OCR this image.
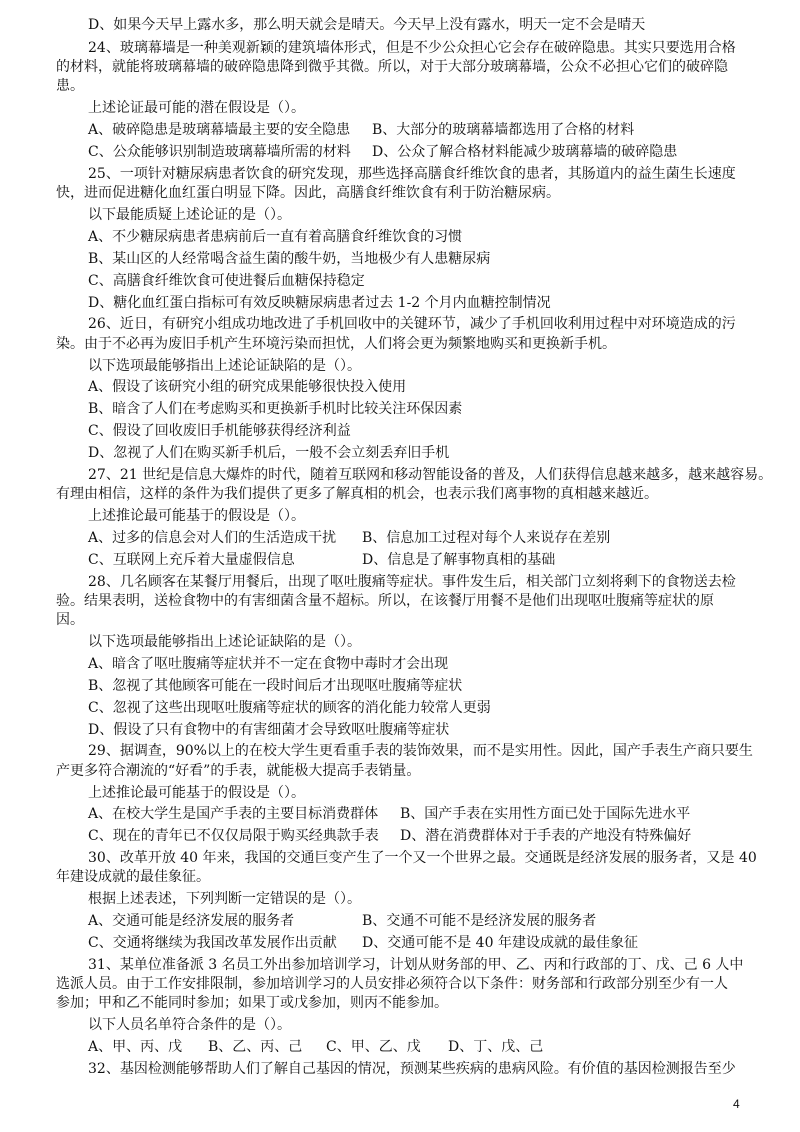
D、如果今天早上露水多，那么明天就会是晴天。今天早上没有露水，明天一定不会是晴天
24、玻璃幕墙是一种美观新颖的建筑墙体形式，但是不少公众担心它会存在破碎隐患。其实只要选用合格
的材料，就能将玻璃幕墙的破碎隐患降到微乎其微。所以，对于大部分玻璃幕墙，公众不必担心它们的破碎隐
患。
上述论证最可能的潜在假设是（）。
A、破碎隐患是玻璃幕墙最主要的安全隐患 B、大部分的玻璃幕墙都选用了合格的材料
C、公众能够识别制造玻璃幕墙所需的材料 D、公众了解合格材料能减少玻璃幕墙的破碎隐患
25、一项针对糖尿病患者饮食的研究发现，那些选择高膳食纤维饮食的患者，其肠道内的益生菌生长速度
快，进而促进糖化血红蛋白明显下降。因此，高膳食纤维饮食有利于防治糖尿病。
以下最能质疑上述论证的是（）。
A、不少糖尿病患者患病前后一直有着高膳食纤维饮食的习惯
B、某山区的人经常喝含益生菌的酸牛奶，当地极少有人患糖尿病
C、高膳食纤维饮食可使进餐后血糖保持稳定
D、糖化血红蛋白指标可有效反映糖尿病患者过去 1-2 个月内血糖控制情况
26、近日，有研究小组成功地改进了手机回收中的关键环节，减少了手机回收利用过程中对环境造成的污
染。由于不必再为废旧手机产生环境污染而担忧，人们将会更为频繁地购买和更换新手机。
以下选项最能够指出上述论证缺陷的是（）。
A、假设了该研究小组的研究成果能够很快投入使用
B、暗含了人们在考虑购买和更换新手机时比较关注环保因素
C、假设了回收废旧手机能够获得经济利益
D、忽视了人们在购买新手机后，一般不会立刻丢弃旧手机
27、21 世纪是信息大爆炸的时代，随着互联网和移动智能设备的普及，人们获得信息越来越多，越来越容易。
有理由相信，这样的条件为我们提供了更多了解真相的机会，也表示我们离事物的真相越来越近。
上述推论最可能基于的假设是（）。
A、过多的信息会对人们的生活造成干扰 B、信息加工过程对每个人来说存在差别
C、互联网上充斥着大量虚假信息	D、信息是了解事物真相的基础
28、几名顾客在某餐厅用餐后，出现了呕吐腹痛等症状。事件发生后，相关部门立刻将剩下的食物送去检
验。结果表明，送检食物中的有害细菌含量不超标。所以，在该餐厅用餐不是他们出现呕吐腹痛等症状的原
因。
以下选项最能够指出上述论证缺陷的是（）。
A、暗含了呕吐腹痛等症状并不一定在食物中毒时才会出现
B、忽视了其他顾客可能在一段时间后才出现呕吐腹痛等症状
C、忽视了这些出现呕吐腹痛等症状的顾客的消化能力较常人更弱
D、假设了只有食物中的有害细菌才会导致呕吐腹痛等症状
29、据调查，90%以上的在校大学生更看重手表的装饰效果，而不是实用性。因此，国产手表生产商只要生
产更多符合潮流的“好看”的手表，就能极大提高手表销量。
上述推论最可能基于的假设是（）。
A、在校大学生是国产手表的主要目标消费群体 B、国产手表在实用性方面已处于国际先进水平
C、现在的青年已不仅仅局限于购买经典款手表 D、潜在消费群体对于手表的产地没有特殊偏好
30、改革开放 40 年来，我国的交通巨变产生了一个又一个世界之最。交通既是经济发展的服务者，又是 40
年建设成就的最佳象征。
根据上述表述，下列判断一定错误的是（）。
A、交通可能是经济发展的服务者	B、交通不可能不是经济发展的服务者
C、交通将继续为我国改革发展作出贡献 D、交通可能不是 40 年建设成就的最佳象征
31、某单位准备派 3 名员工外出参加培训学习，计划从财务部的甲、乙、丙和行政部的丁、戊、己 6 人中
选派人员。由于工作安排限制，参加培训学习的人员安排必须符合以下条件：财务部和行政部分别至少有一人
参加；甲和乙不能同时参加；如果丁或戊参加，则丙不能参加。
以下人员名单符合条件的是（）。
A、甲、丙、戊 B、乙、丙、己 C、甲、乙、戊 D、丁、戊、己
32、基因检测能够帮助人们了解自己基因的情况，预测某些疾病的患病风险。有价值的基因检测报告至少
4
